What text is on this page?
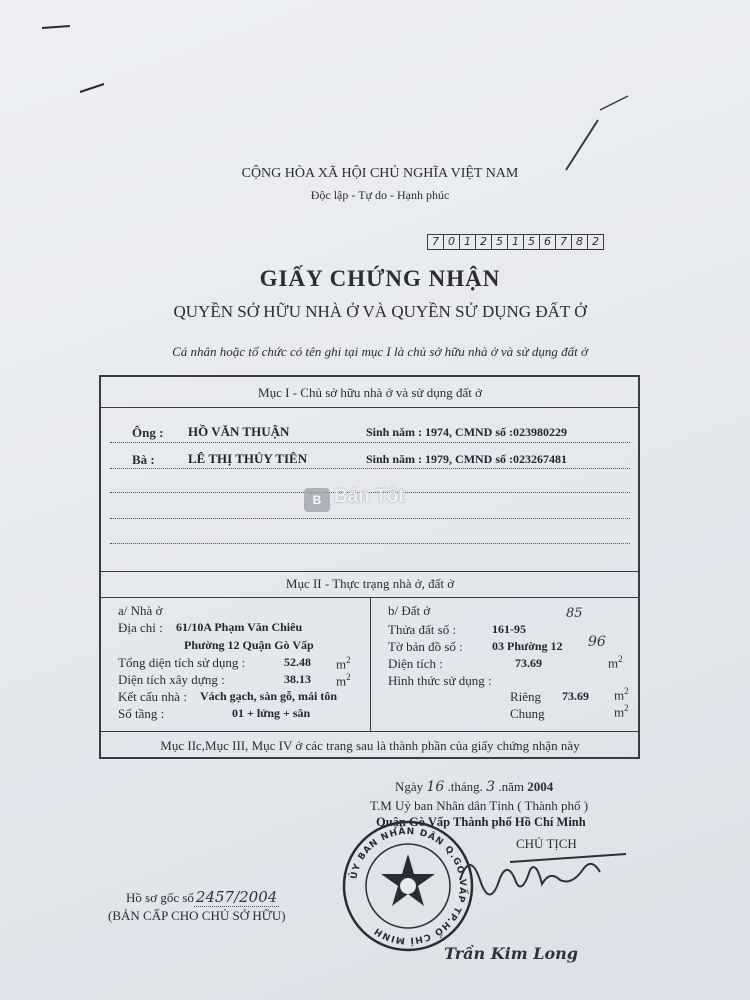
CỘNG HÒA XÃ HỘI CHỦ NGHĨA VIỆT NAM
Độc lập - Tự do - Hạnh phúc
7 0 1 2 5 1 5 6 7 8 2
GIẤY CHỨNG NHẬN
QUYỀN SỞ HỮU NHÀ Ở VÀ QUYỀN SỬ DỤNG ĐẤT Ở
Cá nhân hoặc tổ chức có tên ghi tại mục I là chủ sở hữu nhà ở và sử dụng đất ở
Mục I - Chủ sở hữu nhà ở và sử dụng đất ở
Ông : HỒ VĂN THUẬN	Sinh năm : 1974, CMND số :023980229
Bà :	LÊ THỊ THỦY TIÊN	Sinh năm : 1979, CMND số :023267481
B Bán Tốt
Mục II - Thực trạng nhà ở, đất ở
a/ Nhà ở
Địa chỉ : 61/10A Phạm Văn Chiêu
Phường 12 Quận Gò Vấp
Tổng diện tích sử dụng :	52.48 $m^2$
Diện tích xây dựng :	38.13 $m^2$
Kết cấu nhà : Vách gạch, sàn gỗ, mái tôn
Số tầng :	01 + lửng + sân
b/ Đất ở
Thửa đất số :	161-95
85
Tờ bản đồ số : 03 Phường 12 96
Diện tích :	73.69	$m^2$
Hình thức sử dụng :
Riêng 73.69 $m^2$
Chung	$m^2$
Mục IIc,Mục III, Mục IV ở các trang sau là thành phần của giấy chứng nhận này
Ngày 16 .tháng. 3 .năm 2004
T.M Uỷ ban Nhân dân Tỉnh ( Thành phố )
Quận Gò Vấp Thành phố Hồ Chí Minh
CHỦ TỊCH
ỦY BAN NHÂN DÂN Q.GÒ VẤP TP.HỒ CHÍ MINH
Trần Kim Long
Hồ sơ gốc số 2457/2004
(BẢN CẤP CHO CHỦ SỞ HỮU)
